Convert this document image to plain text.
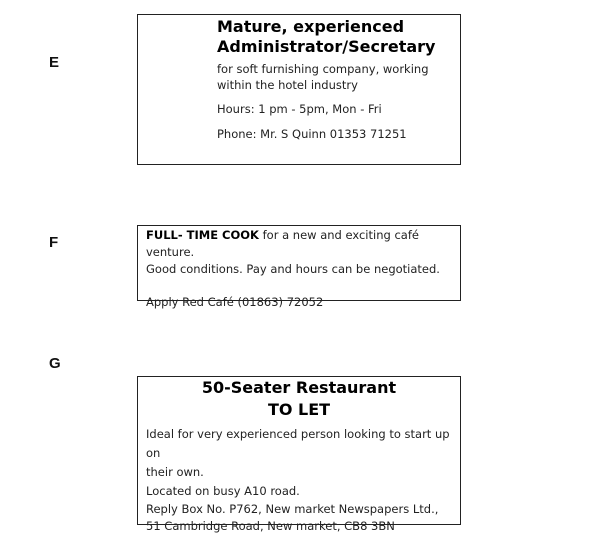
E
F
G
Mature, experienced
Administrator/Secretary
for soft furnishing company, working
within the hotel industry
Hours: 1 pm - 5pm, Mon - Fri
Phone: Mr. S Quinn 01353 71251
FULL- TIME COOK for a new and exciting café venture.
Good conditions. Pay and hours can be negotiated.
Apply Red Café (01863) 72052
50-Seater Restaurant
TO LET
Ideal for very experienced person looking to start up on
their own.
Located on busy A10 road.
Reply Box No. P762, New market Newspapers Ltd.,
51 Cambridge Road, New market, CB8 3BN
